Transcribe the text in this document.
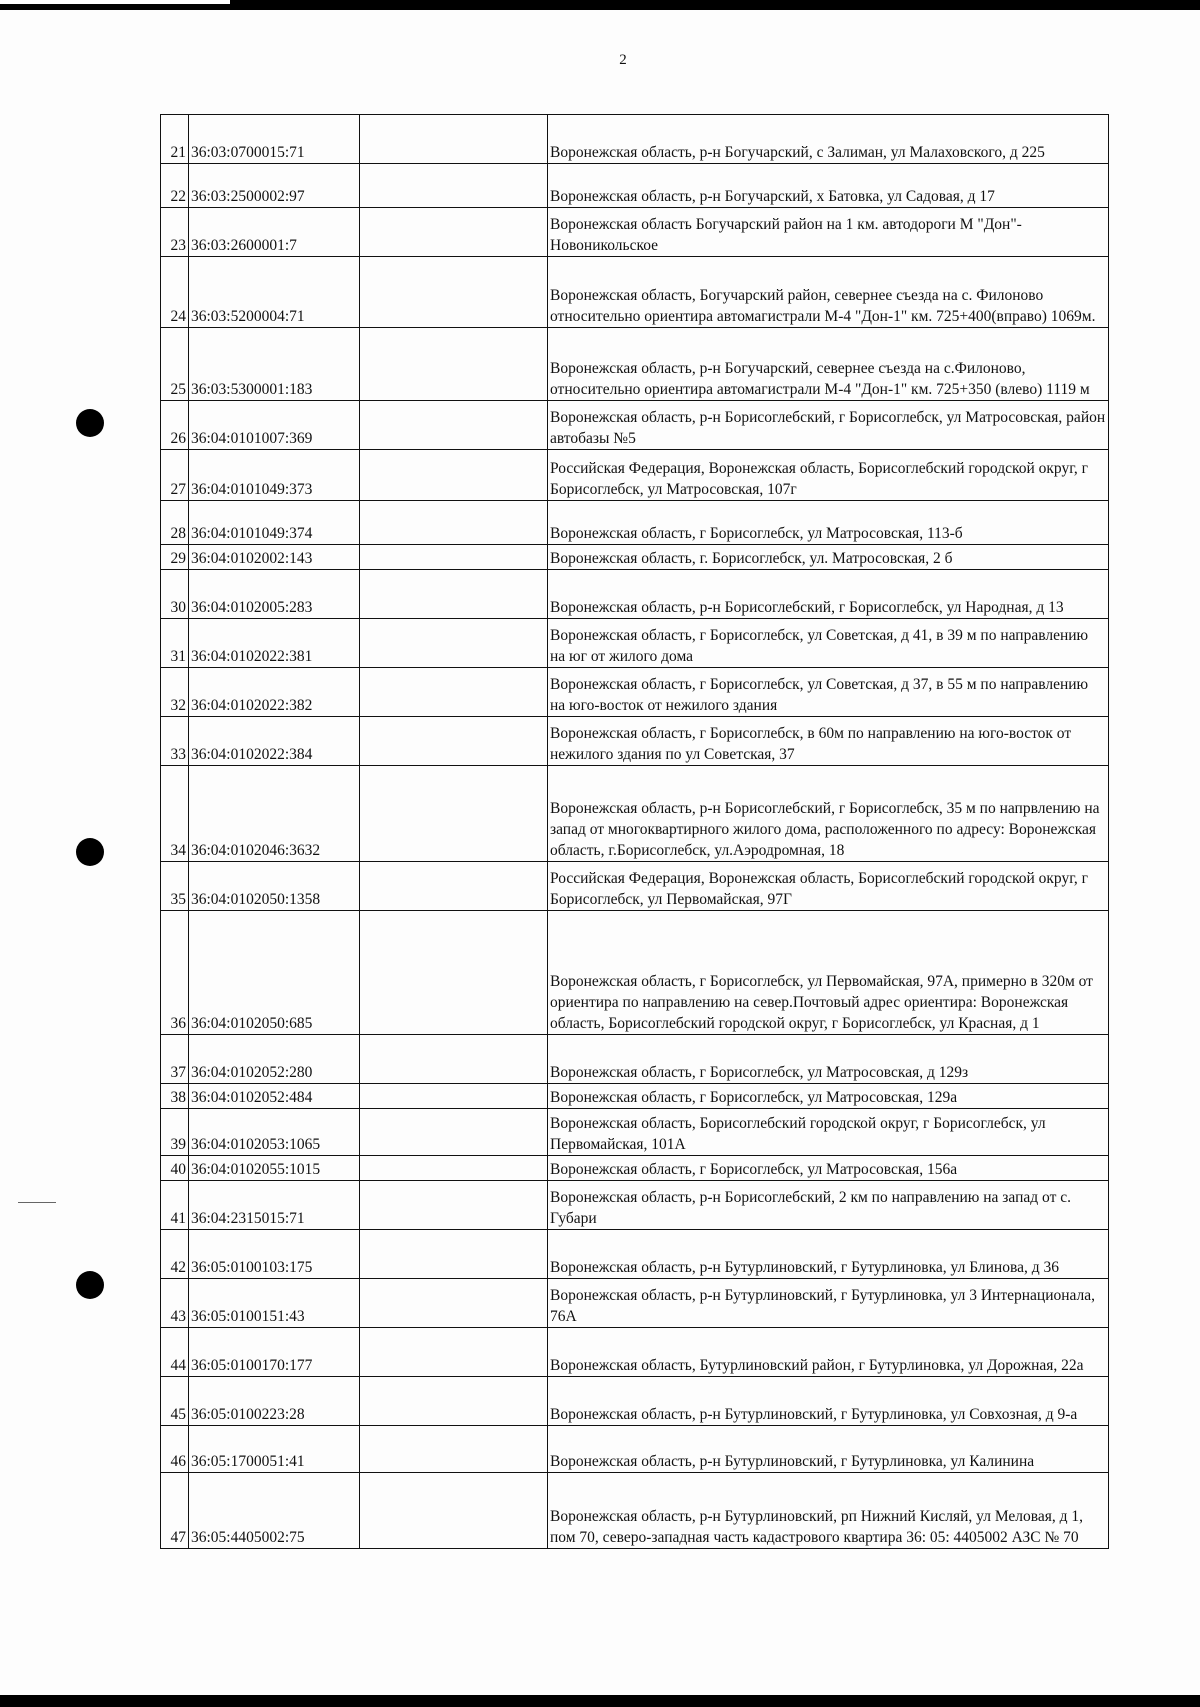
2
21	36:03:0700015:71		Воронежская область, р-н Богучарский, с Залиман, ул Малаховского, д 225
22	36:03:2500002:97		Воронежская область, р-н Богучарский, х Батовка, ул Садовая, д 17
23	36:03:2600001:7		Воронежская область Богучарский район на 1 км. автодороги М "Дон"-Новоникольское
24	36:03:5200004:71		Воронежская область, Богучарский район, севернее съезда на с. Филоново относительно ориентира автомагистрали М-4 "Дон-1" км. 725+400(вправо) 1069м.
25	36:03:5300001:183		Воронежская область, р-н Богучарский, севернее съезда на с.Филоново, относительно ориентира автомагистрали М-4 "Дон-1" км. 725+350 (влево) 1119 м
26	36:04:0101007:369		Воронежская область, р-н Борисоглебский, г Борисоглебск, ул Матросовская, район автобазы №5
27	36:04:0101049:373		Российская Федерация, Воронежская область, Борисоглебский городской округ, г Борисоглебск, ул Матросовская, 107г
28	36:04:0101049:374		Воронежская область, г Борисоглебск, ул Матросовская, 113-б
29	36:04:0102002:143		Воронежская область, г. Борисоглебск, ул. Матросовская, 2 б
30	36:04:0102005:283		Воронежская область, р-н Борисоглебский, г Борисоглебск, ул Народная, д 13
31	36:04:0102022:381		Воронежская область, г Борисоглебск, ул Советская, д 41, в 39 м по направлению на юг от жилого дома
32	36:04:0102022:382		Воронежская область, г Борисоглебск, ул Советская, д 37, в 55 м по направлению на юго-восток от нежилого здания
33	36:04:0102022:384		Воронежская область, г Борисоглебск, в 60м по направлению на юго-восток от нежилого здания по ул Советская, 37
34	36:04:0102046:3632		Воронежская область, р-н Борисоглебский, г Борисоглебск, 35 м по напрвлению на запад от многоквартирного жилого дома, расположенного по адресу: Воронежская область, г.Борисоглебск, ул.Аэродромная, 18
35	36:04:0102050:1358		Российская Федерация, Воронежская область, Борисоглебский городской округ, г Борисоглебск, ул Первомайская, 97Г
36	36:04:0102050:685		Воронежская область, г Борисоглебск, ул Первомайская, 97А, примерно в 320м от ориентира по направлению на север.Почтовый адрес ориентира: Воронежская область, Борисоглебский городской округ, г Борисоглебск, ул Красная, д 1
37	36:04:0102052:280		Воронежская область, г Борисоглебск, ул Матросовская, д 129з
38	36:04:0102052:484		Воронежская область, г Борисоглебск, ул Матросовская, 129а
39	36:04:0102053:1065		Воронежская область, Борисоглебский городской округ, г Борисоглебск, ул Первомайская, 101А
40	36:04:0102055:1015		Воронежская область, г Борисоглебск, ул Матросовская, 156а
41	36:04:2315015:71		Воронежская область, р-н Борисоглебский, 2 км по направлению на запад от с. Губари
42	36:05:0100103:175		Воронежская область, р-н Бутурлиновский, г Бутурлиновка, ул Блинова, д 36
43	36:05:0100151:43		Воронежская область, р-н Бутурлиновский, г Бутурлиновка, ул 3 Интернационала, 76А
44	36:05:0100170:177		Воронежская область, Бутурлиновский район, г Бутурлиновка, ул Дорожная, 22а
45	36:05:0100223:28		Воронежская область, р-н Бутурлиновский, г Бутурлиновка, ул Совхозная, д 9-а
46	36:05:1700051:41		Воронежская область, р-н Бутурлиновский, г Бутурлиновка, ул Калинина
47	36:05:4405002:75		Воронежская область, р-н Бутурлиновский, рп Нижний Кисляй, ул Меловая, д 1, пом 70, северо-западная часть кадастрового квартира 36: 05: 4405002 АЗС № 70
